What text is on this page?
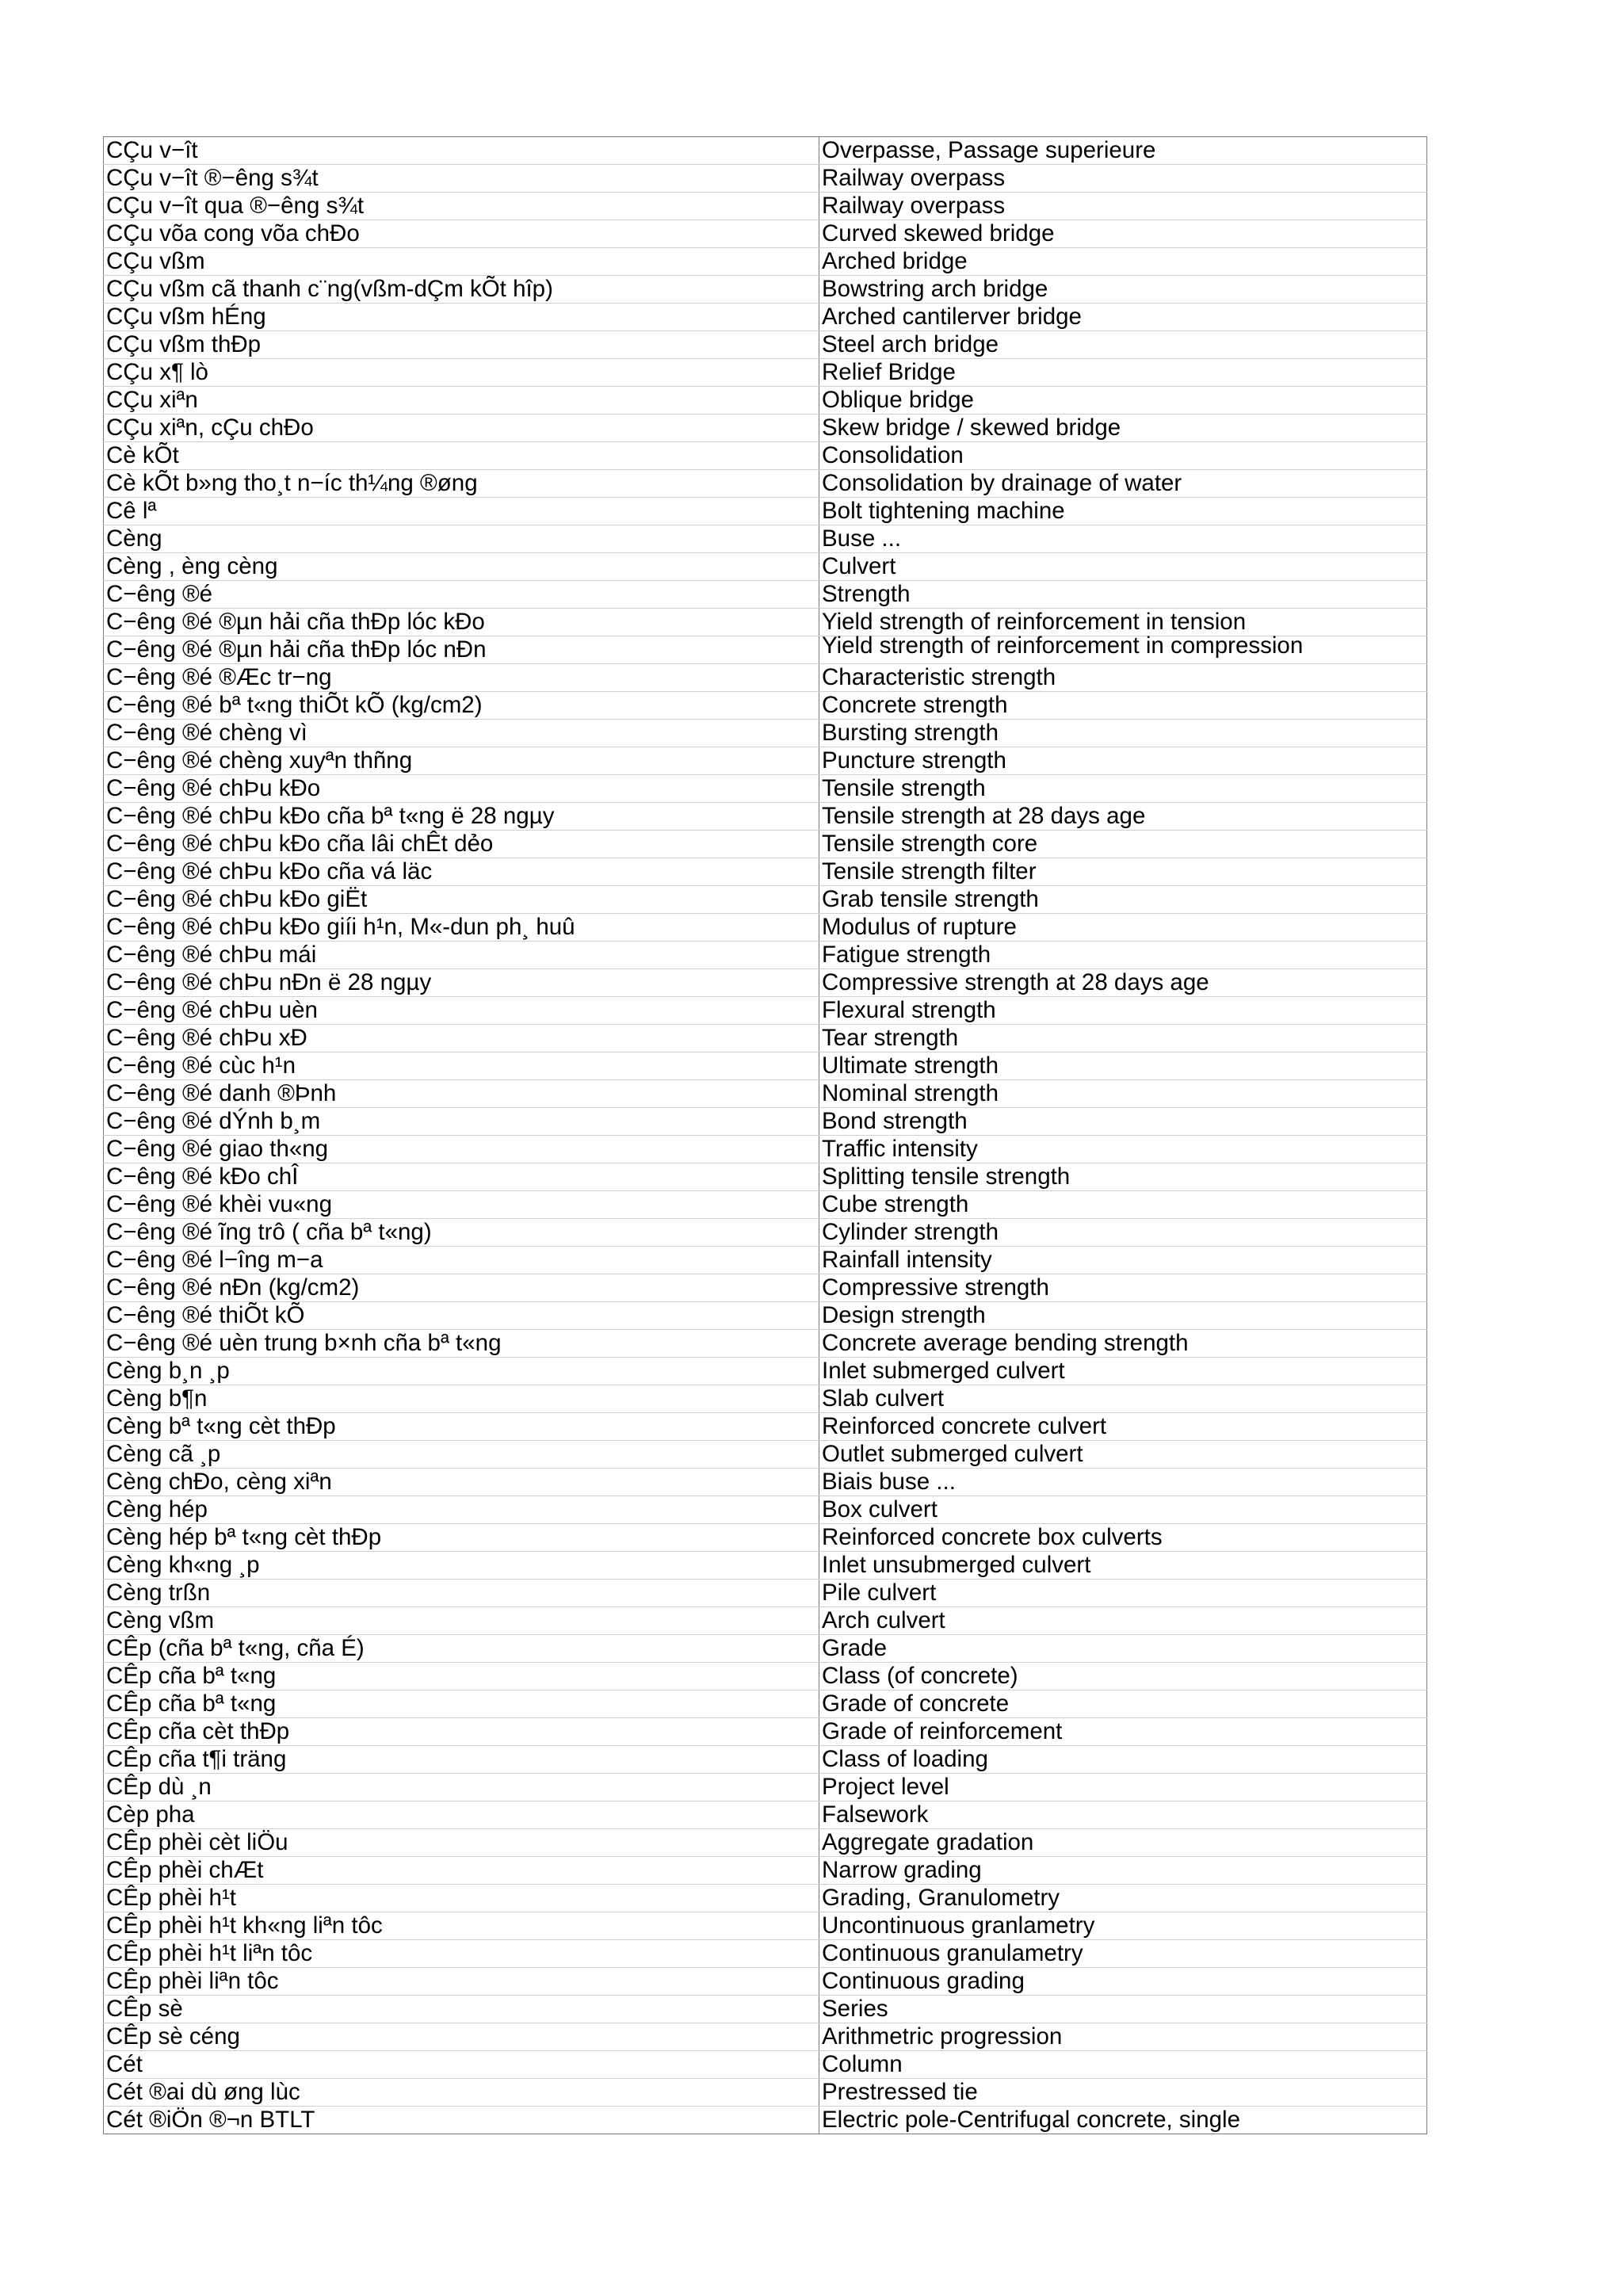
CÇu v−ît	Overpasse, Passage superieure
CÇu v−ît ®−êng s¾t	Railway overpass
CÇu v−ît qua ®−êng s¾t	Railway overpass
CÇu võa cong võa chÐo	Curved skewed bridge
CÇu vßm	Arched bridge
CÇu vßm cã thanh c¨ng(vßm-dÇm kÕt hîp)	Bowstring arch bridge
CÇu vßm hÉng	Arched cantilerver bridge
CÇu vßm thÐp	Steel arch bridge
CÇu x¶ lò	Relief Bridge
CÇu xiªn	Oblique bridge
CÇu xiªn, cÇu chÐo	Skew bridge / skewed bridge
Cè kÕt	Consolidation
Cè kÕt b»ng tho¸t n−íc th¼ng ®øng	Consolidation by drainage of water
Cê lª	Bolt tightening machine
Cèng	Buse ...
Cèng , èng cèng	Culvert
C−êng ®é	Strength
C−êng ®é ®µn hải cña thÐp lóc kÐo	Yield strength of reinforcement in tension
C−êng ®é ®µn hải cña thÐp lóc nÐn	Yield strength of reinforcement in compression
C−êng ®é ®Æc tr−ng	Characteristic strength
C−êng ®é bª t«ng thiÕt kÕ (kg/cm2)	Concrete strength
C−êng ®é chèng vì	Bursting strength
C−êng ®é chèng xuyªn thñng	Puncture strength
C−êng ®é chÞu kÐo	Tensile strength
C−êng ®é chÞu kÐo cña bª t«ng ë 28 ngµy	Tensile strength at 28 days age
C−êng ®é chÞu kÐo cña lâi chÊt dẻo	Tensile strength core
C−êng ®é chÞu kÐo cña vá läc	Tensile strength filter
C−êng ®é chÞu kÐo giËt	Grab tensile strength
C−êng ®é chÞu kÐo giíi h¹n, M«-dun ph¸ huû	Modulus of rupture
C−êng ®é chÞu mái	Fatigue strength
C−êng ®é chÞu nÐn ë 28 ngµy	Compressive strength at 28 days age
C−êng ®é chÞu uèn	Flexural strength
C−êng ®é chÞu xÐ	Tear strength
C−êng ®é cùc h¹n	Ultimate strength
C−êng ®é danh ®Þnh	Nominal strength
C−êng ®é dÝnh b¸m	Bond strength
C−êng ®é giao th«ng	Traffic intensity
C−êng ®é kÐo chÎ	Splitting tensile strength
C−êng ®é khèi vu«ng	Cube strength
C−êng ®é ĩng trô ( cña bª t«ng)	Cylinder strength
C−êng ®é l−îng m−a	Rainfall intensity
C−êng ®é nÐn (kg/cm2)	Compressive strength
C−êng ®é thiÕt kÕ	Design strength
C−êng ®é uèn trung b×nh cña bª t«ng	Concrete average bending strength
Cèng b¸n ¸p	Inlet submerged culvert
Cèng b¶n	Slab culvert
Cèng bª t«ng cèt thÐp	Reinforced concrete culvert
Cèng cã ¸p	Outlet submerged culvert
Cèng chÐo, cèng xiªn	Biais buse ...
Cèng hép	Box culvert
Cèng hép bª t«ng cèt thÐp	Reinforced concrete box culverts
Cèng kh«ng ¸p	Inlet unsubmerged culvert
Cèng trßn	Pile culvert
Cèng vßm	Arch culvert
CÊp (cña bª t«ng, cña É)	Grade
CÊp cña bª t«ng	Class (of concrete)
CÊp cña bª t«ng	Grade of concrete
CÊp cña cèt thÐp	Grade of reinforcement
CÊp cña t¶i träng	Class of loading
CÊp dù ¸n	Project level
Cèp pha	Falsework
CÊp phèi cèt liÖu	Aggregate gradation
CÊp phèi chÆt	Narrow grading
CÊp phèi h¹t	Grading, Granulometry
CÊp phèi h¹t kh«ng liªn tôc	Uncontinuous granlametry
CÊp phèi h¹t liªn tôc	Continuous granulametry
CÊp phèi liªn tôc	Continuous grading
CÊp sè	Series
CÊp sè céng	Arithmetric progression
Cét	Column
Cét ®ai dù øng lùc	Prestressed tie
Cét ®iÖn ®¬n BTLT	Electric pole-Centrifugal concrete, single
